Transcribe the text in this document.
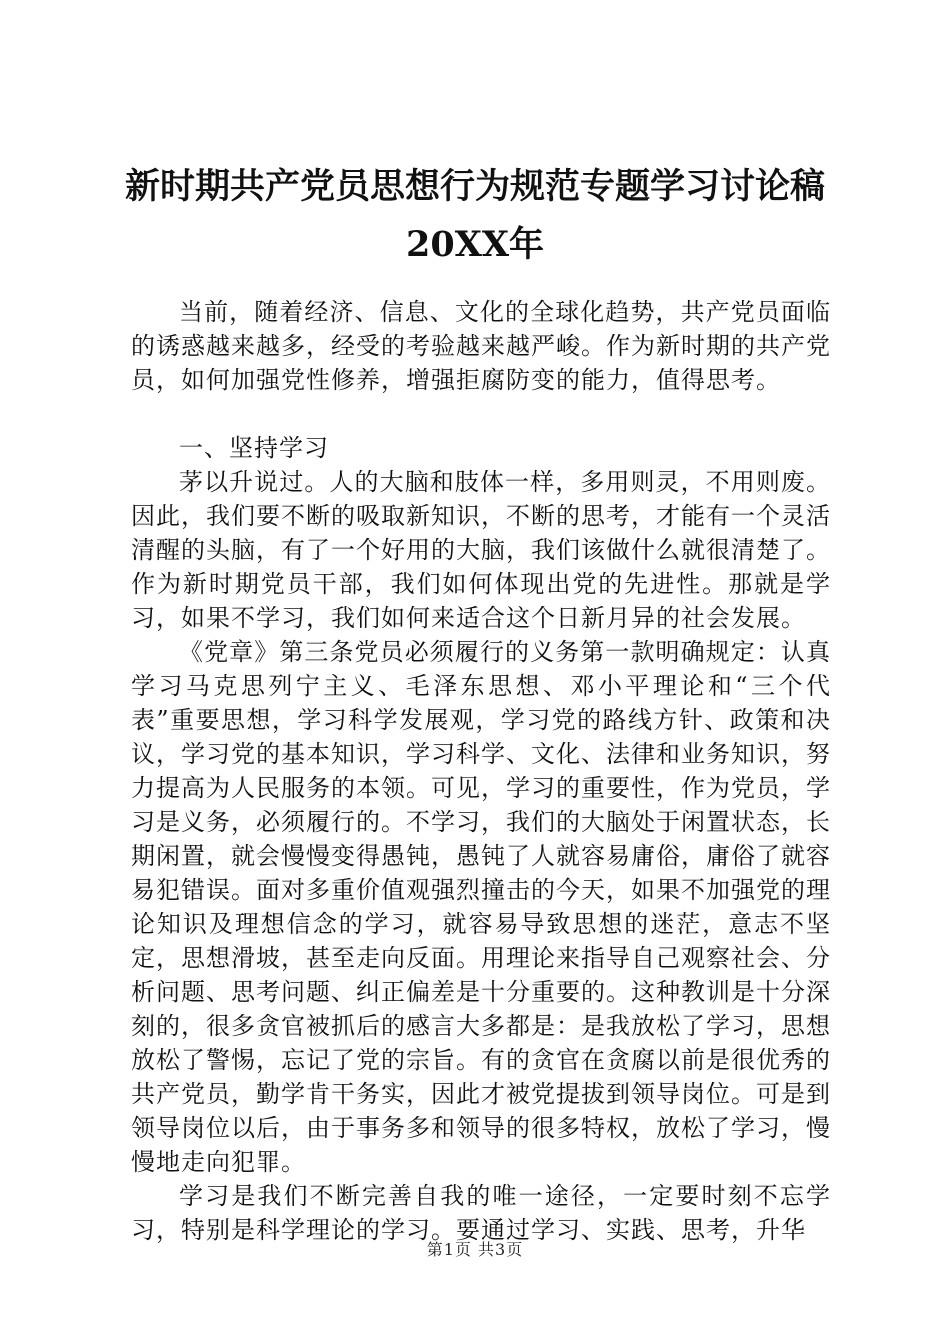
新时期共产党员思想行为规范专题学习讨论稿
20XX年

当前，随着经济、信息、文化的全球化趋势，共产党员面临的诱惑越来越多，经受的考验越来越严峻。作为新时期的共产党员，如何加强党性修养，增强拒腐防变的能力，值得思考。

一、坚持学习

茅以升说过。人的大脑和肢体一样，多用则灵，不用则废。因此，我们要不断的吸取新知识，不断的思考，才能有一个灵活清醒的头脑，有了一个好用的大脑，我们该做什么就很清楚了。作为新时期党员干部，我们如何体现出党的先进性。那就是学习，如果不学习，我们如何来适合这个日新月异的社会发展。

《党章》第三条党员必须履行的义务第一款明确规定：认真学习马克思列宁主义、毛泽东思想、邓小平理论和“三个代表”重要思想，学习科学发展观，学习党的路线方针、政策和决议，学习党的基本知识，学习科学、文化、法律和业务知识，努力提高为人民服务的本领。可见，学习的重要性，作为党员，学习是义务，必须履行的。不学习，我们的大脑处于闲置状态，长期闲置，就会慢慢变得愚钝，愚钝了人就容易庸俗，庸俗了就容易犯错误。面对多重价值观强烈撞击的今天，如果不加强党的理论知识及理想信念的学习，就容易导致思想的迷茫，意志不坚定，思想滑坡，甚至走向反面。用理论来指导自己观察社会、分析问题、思考问题、纠正偏差是十分重要的。这种教训是十分深刻的，很多贪官被抓后的感言大多都是：是我放松了学习，思想放松了警惕，忘记了党的宗旨。有的贪官在贪腐以前是很优秀的共产党员，勤学肯干务实，因此才被党提拔到领导岗位。可是到领导岗位以后，由于事务多和领导的很多特权，放松了学习，慢慢地走向犯罪。

学习是我们不断完善自我的唯一途径，一定要时刻不忘学习，特别是科学理论的学习。要通过学习、实践、思考，升华

第1页 共3页
